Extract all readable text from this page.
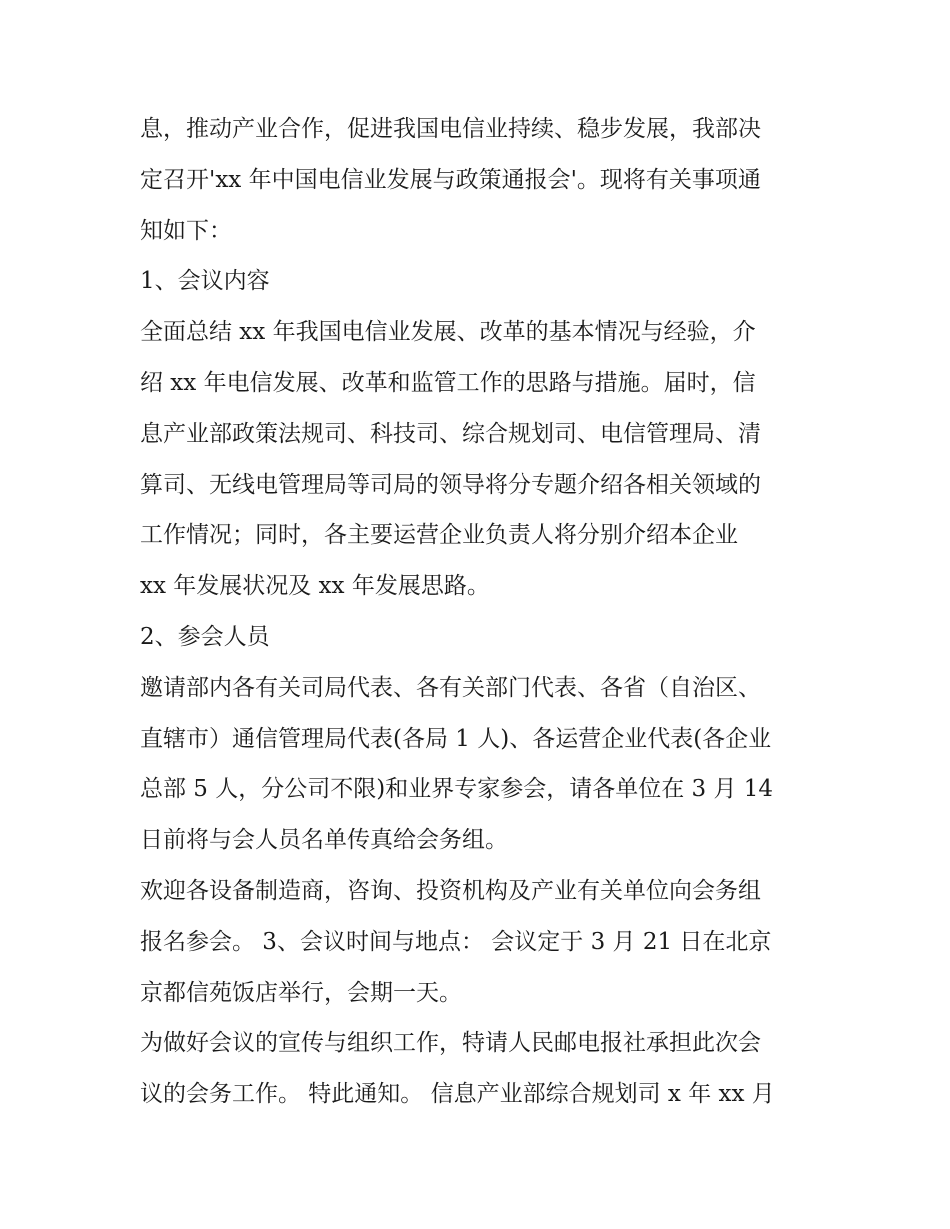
息，推动产业合作，促进我国电信业持续、稳步发展，我部决
定召开'xx 年中国电信业发展与政策通报会'。现将有关事项通
知如下：
1、会议内容
全面总结 xx 年我国电信业发展、改革的基本情况与经验，介
绍 xx 年电信发展、改革和监管工作的思路与措施。届时，信
息产业部政策法规司、科技司、综合规划司、电信管理局、清
算司、无线电管理局等司局的领导将分专题介绍各相关领域的
工作情况；同时，各主要运营企业负责人将分别介绍本企业
xx 年发展状况及 xx 年发展思路。
2、参会人员
邀请部内各有关司局代表、各有关部门代表、各省（自治区、
直辖市）通信管理局代表(各局 1 人)、各运营企业代表(各企业
总部 5 人，分公司不限)和业界专家参会，请各单位在 3 月 14
日前将与会人员名单传真给会务组。
欢迎各设备制造商，咨询、投资机构及产业有关单位向会务组
报名参会。 3、会议时间与地点： 会议定于 3 月 21 日在北京
京都信苑饭店举行，会期一天。
为做好会议的宣传与组织工作，特请人民邮电报社承担此次会
议的会务工作。 特此通知。 信息产业部综合规划司 x 年 xx 月
